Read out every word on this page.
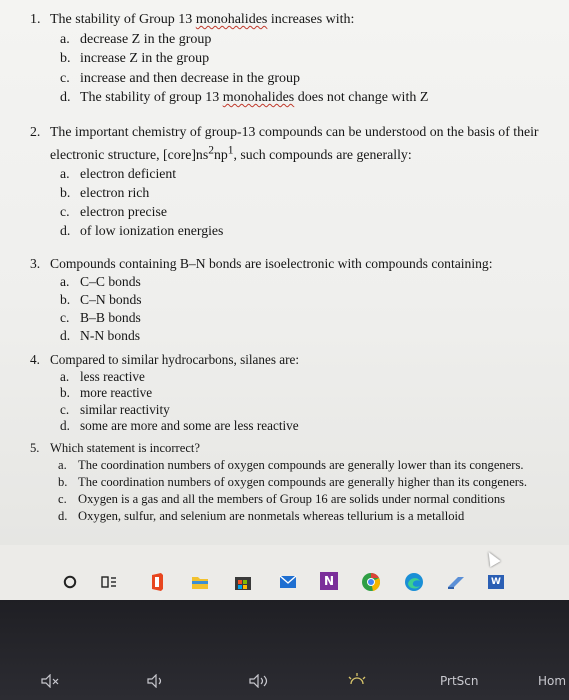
1. The stability of Group 13 monohalides increases with:

a. decrease Z in the group
b. increase Z in the group
c. increase and then decrease in the group
d. The stability of group 13 monohalides does not change with Z

2. The important chemistry of group-13 compounds can be understood on the basis of their
electronic structure, $[core]ns^2np^1$, such compounds are generally:

a. electron deficient
b. electron rich
c. electron precise
d. of low ionization energies

3. Compounds containing B–N bonds are isoelectronic with compounds containing:

a. C–C bonds
b. C–N bonds
c. B–B bonds
d. N-N bonds

4. Compared to similar hydrocarbons, silanes are:

a. less reactive
b. more reactive
c. similar reactivity
d. some are more and some are less reactive

5. Which statement is incorrect?

a. The coordination numbers of oxygen compounds are generally lower than its congeners.
b. The coordination numbers of oxygen compounds are generally higher than its congeners.
c. Oxygen is a gas and all the members of Group 16 are solids under normal conditions
d. Oxygen, sulfur, and selenium are nonmetals whereas tellurium is a metalloid
N	W
PrtScn	Hom
